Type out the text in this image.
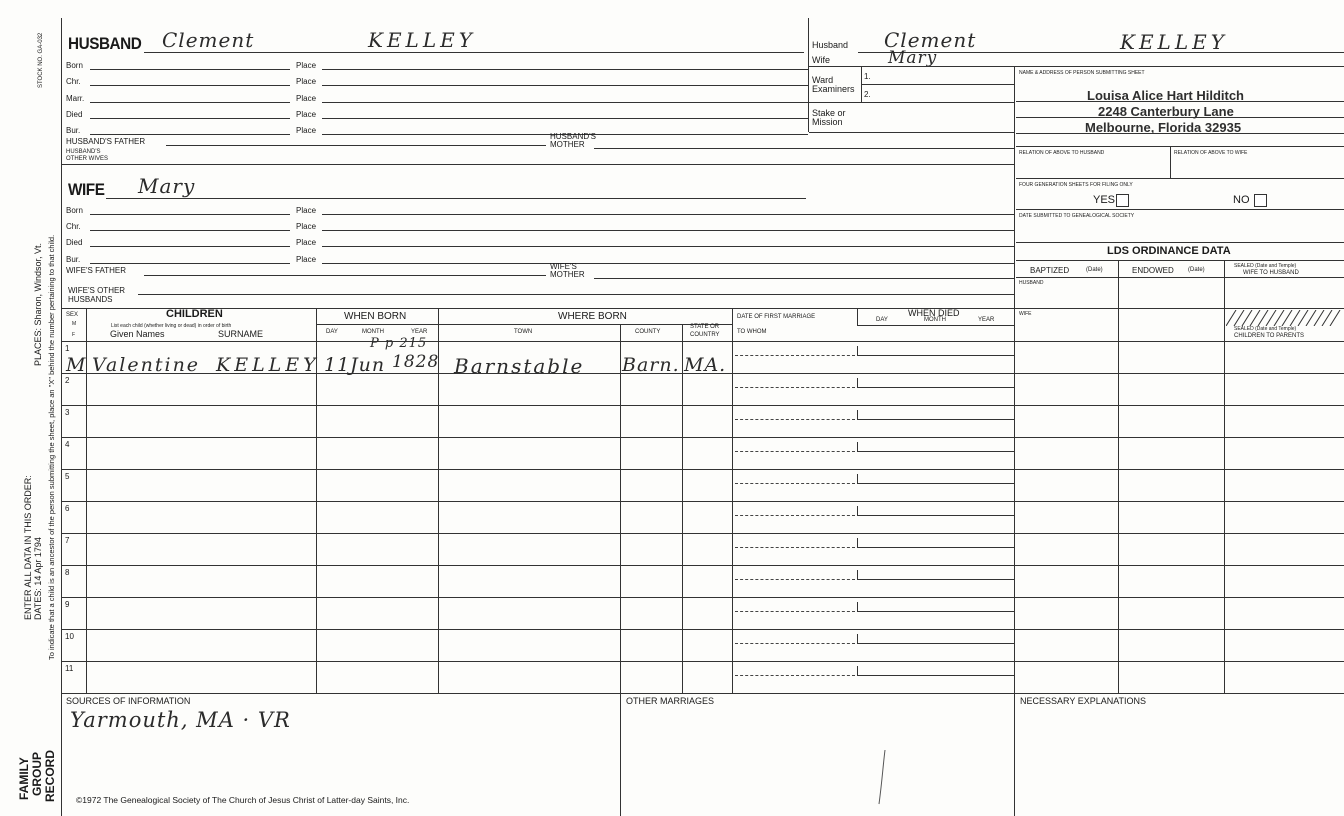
STOCK NO. GA-032
PLACES: Sharon, Windsor, Vt. To indicate that a child is an ancestor of the person submitting the sheet, place an "X" behind the number pertaining to that child.
ENTER ALL DATA IN THIS ORDER: DATES: 14 Apr 1794
FAMILY GROUP RECORD
HUSBAND Clement	KELLEY
Born	Place
Chr.	Place
Marr.	Place
Died	Place
Bur.	Place
HUSBAND'S FATHER
HUSBAND'S
MOTHER
HUSBAND'S
OTHER WIVES
WIFE Mary
Born	Place
Chr.	Place
Died	Place
Bur.	Place
WIFE'S FATHER	WIFE'S
MOTHER
WIFE'S OTHER
HUSBANDS
Husband Clement	KELLEY
Wife	Mary
Ward
Examiners
1.
2.
Stake or
Mission
NAME & ADDRESS OF PERSON SUBMITTING SHEET
Louisa Alice Hart Hilditch
2248 Canterbury Lane
Melbourne, Florida 32935
RELATION OF ABOVE TO HUSBAND	RELATION OF ABOVE TO WIFE
FOUR GENERATION SHEETS FOR FILING ONLY
YES	NO
DATE SUBMITTED TO GENEALOGICAL SOCIETY
LDS ORDINANCE DATA
BAPTIZED	(Date)	ENDOWED (Date)
SEALED (Date and Temple)
WIFE TO HUSBAND
HUSBAND
WIFE
SEALED (Date and Temple)
CHILDREN TO PARENTS
SEX
M
F
CHILDREN
List each child (whether living or dead) in order of birth
Given Names	SURNAME
WHEN BORN
DAY	MONTH	YEAR
WHERE BORN
TOWN	COUNTY
STATE OR
COUNTRY
DATE OF FIRST MARRIAGE
TO WHOM
WHEN DIED
DAY	MONTH	YEAR
1
2
3
4
5
6
7
8
9
10
11
M Valentine KELLEY
P p 215
11 Jun 1828 Barnstable Barn. MA.
SOURCES OF INFORMATION
Yarmouth, MA · VR
OTHER MARRIAGES	NECESSARY EXPLANATIONS
©1972 The Genealogical Society of The Church of Jesus Christ of Latter-day Saints, Inc.
